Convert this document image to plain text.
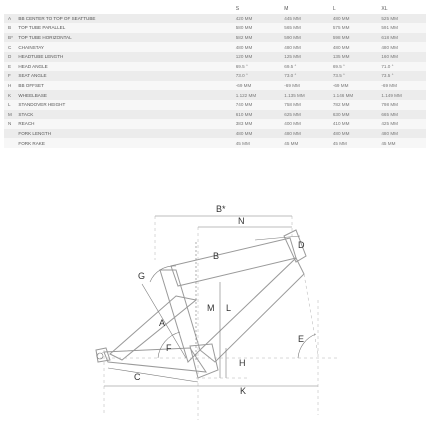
		S	M	L	XL
A	BB CENTER TO TOP OF SEATTUBE	420 MM	445 MM	480 MM	525 MM
B	TOP TUBE PARALLEL	580 MM	565 MM	575 MM	591 MM
B*	TOP TUBE HORIZONTAL	582 MM	590 MM	598 MM	618 MM
C	CHAINSTAY	480 MM	480 MM	480 MM	480 MM
D	HEADTUBE LENGTH	120 MM	125 MM	135 MM	160 MM
E	HEAD ANGLE	69.5 °	69.5 °	69.5 °	71.0 °
F	SEAT ANGLE	73.0 °	73.0 °	73.5 °	73.5 °
H	BB OFFSET	-69 MM	-69 MM	-69 MM	-69 MM
K	WHEELBASE	1.122 MM	1.135 MM	1.146 MM	1.149 MM
L	STANDOVER HEIGHT	740 MM	758 MM	782 MM	798 MM
M	STACK	610 MM	625 MM	630 MM	665 MM
N	REACH	383 MM	400 MM	410 MM	425 MM
	FORK LENGTH	480 MM	480 MM	480 MM	480 MM
	FORK RAKE	45 MM	45 MM	45 MM	45 MM
B*
N
D
B
G
M L
A
E
F
H
C
K
